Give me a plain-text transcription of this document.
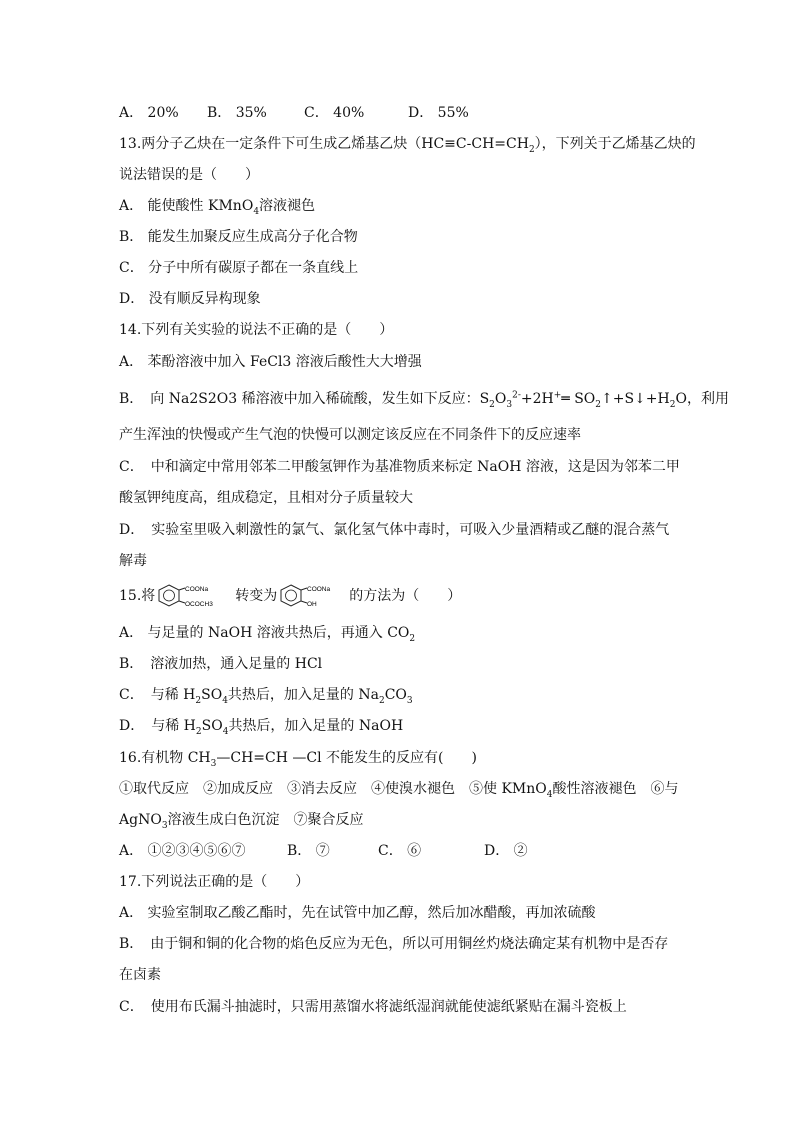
A． 20% B． 35%	C． 40%	D． 55%
13.两分子乙炔在一定条件下可生成乙烯基乙炔$(HC\equiv C-CH=CH_2)$，下列关于乙烯基乙炔的
说法错误的是（　　）
A． 能使酸性 KMnO$_4$溶液褪色
B． 能发生加聚反应生成高分子化合物
C． 分子中所有碳原子都在一条直线上
D． 没有顺反异构现象
14.下列有关实验的说法不正确的是（　　）
A． 苯酚溶液中加入 FeCl3 溶液后酸性大大增强
B．　向 Na2S2O3 稀溶液中加入稀硫酸，发生如下反应：$S_2O_3^{2-}+2H^+═$ $SO_2↑+S↓+H_2O$，利用
产生浑浊的快慢或产生气泡的快慢可以测定该反应在不同条件下的反应速率
C．　中和滴定中常用邻苯二甲酸氢钾作为基准物质来标定 NaOH 溶液，这是因为邻苯二甲
酸氢钾纯度高，组成稳定，且相对分子质量较大
D．　实验室里吸入刺激性的氯气、氯化氢气体中毒时，可吸入少量酒精或乙醚的混合蒸气
解毒
15.将	COONa
OCOCH3
转变为	COONa
OH
的方法为（　　）
A． 与足量的 NaOH 溶液共热后，再通入 $CO_2$
B．　溶液加热，通入足量的 HCl
C．　与稀 $H_2SO_4$共热后，加入足量的 $Na_2CO_3$
D．　与稀 $H_2SO_4$共热后，加入足量的 NaOH
16.有机物 $CH_3—CH=CH$ —Cl 不能发生的反应有(　　)
①取代反应　②加成反应　③消去反应　④使溴水褪色　⑤使 KMnO$_4$酸性溶液褪色　⑥与
AgNO$_3$溶液生成白色沉淀　⑦聚合反应
A． ①②③④⑤⑥⑦	B． ⑦	C． ⑥	D． ②
17.下列说法正确的是（　　）
A． 实验室制取乙酸乙酯时，先在试管中加乙醇，然后加冰醋酸，再加浓硫酸
B．　由于铜和铜的化合物的焰色反应为无色，所以可用铜丝灼烧法确定某有机物中是否存
在卤素
C．　使用布氏漏斗抽滤时，只需用蒸馏水将滤纸湿润就能使滤纸紧贴在漏斗瓷板上
